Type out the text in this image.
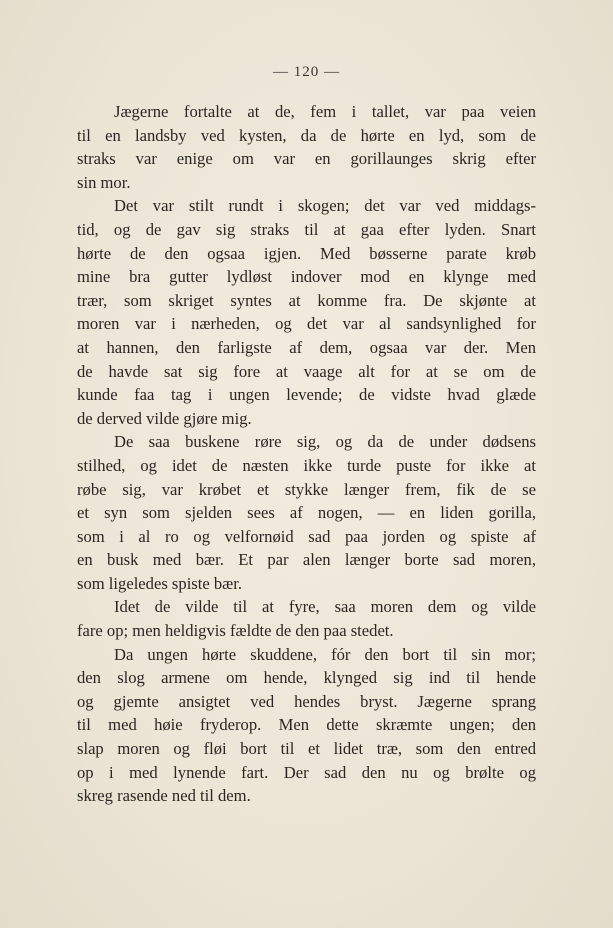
— 120 —
Jægerne fortalte at de, fem i tallet, var paa veien
til en landsby ved kysten, da de hørte en lyd, som de
straks var enige om var en gorillaunges skrig efter
sin mor.
Det var stilt rundt i skogen; det var ved middags-
tid, og de gav sig straks til at gaa efter lyden. Snart
hørte de den ogsaa igjen. Med bøsserne parate krøb
mine bra gutter lydløst indover mod en klynge med
trær, som skriget syntes at komme fra. De skjønte at
moren var i nærheden, og det var al sandsynlighed for
at hannen, den farligste af dem, ogsaa var der. Men
de havde sat sig fore at vaage alt for at se om de
kunde faa tag i ungen levende; de vidste hvad glæde
de derved vilde gjøre mig.
De saa buskene røre sig, og da de under dødsens
stilhed, og idet de næsten ikke turde puste for ikke at
røbe sig, var krøbet et stykke længer frem, fik de se
et syn som sjelden sees af nogen, — en liden gorilla,
som i al ro og velfornøid sad paa jorden og spiste af
en busk med bær. Et par alen længer borte sad moren,
som ligeledes spiste bær.
Idet de vilde til at fyre, saa moren dem og vilde
fare op; men heldigvis fældte de den paa stedet.
Da ungen hørte skuddene, fór den bort til sin mor;
den slog armene om hende, klynged sig ind til hende
og gjemte ansigtet ved hendes bryst. Jægerne sprang
til med høie fryderop. Men dette skræmte ungen; den
slap moren og fløi bort til et lidet træ, som den entred
op i med lynende fart. Der sad den nu og brølte og
skreg rasende ned til dem.
